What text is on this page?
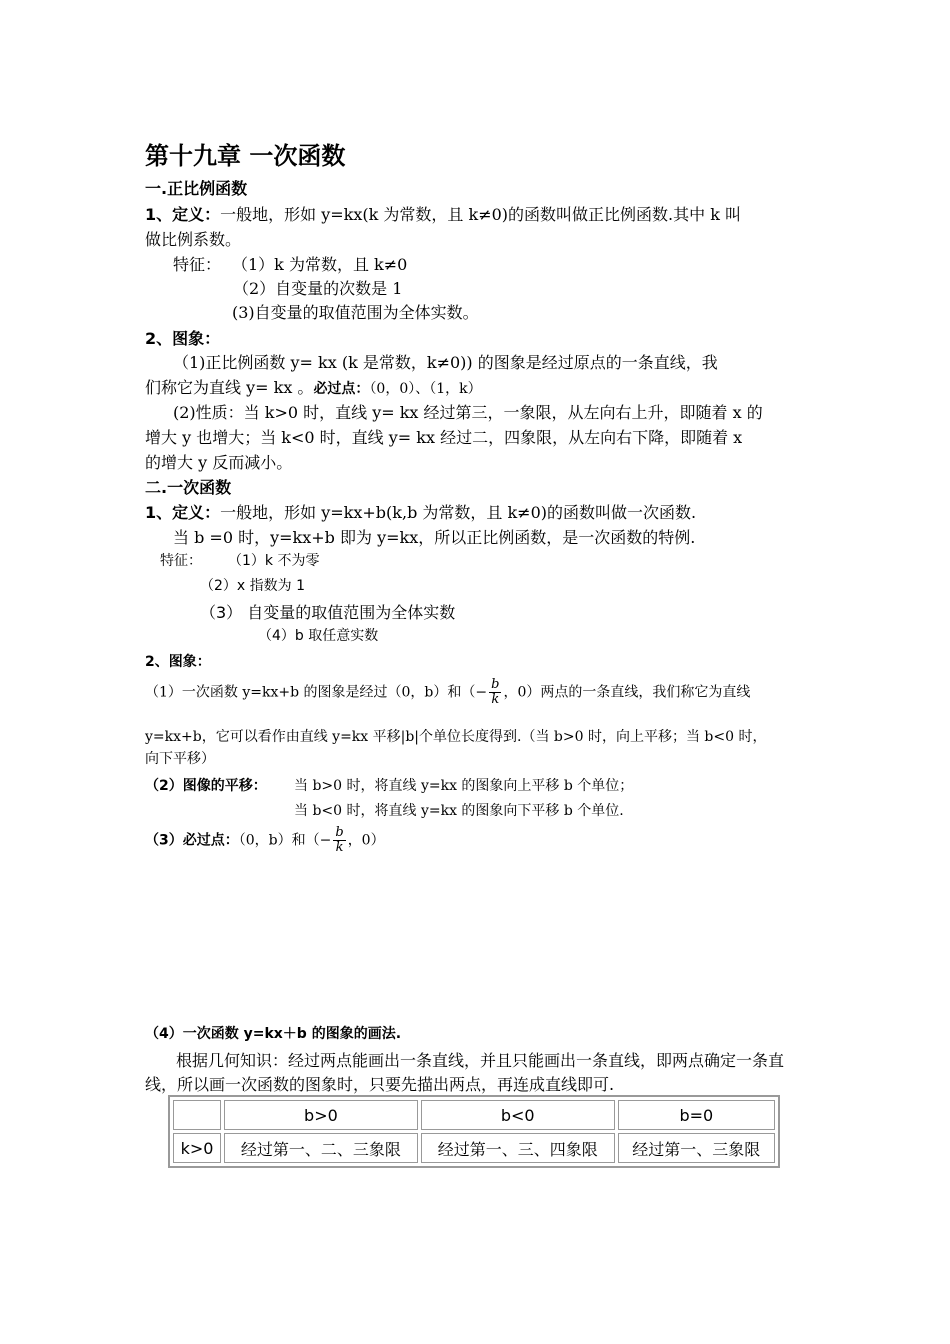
第十九章 一次函数
一.正比例函数
1、定义：一般地，形如 y=kx(k 为常数，且 k≠0)的函数叫做正比例函数.其中 k 叫
做比例系数。
特征： （1）k 为常数，且 k≠0
（2）自变量的次数是 1
(3)自变量的取值范围为全体实数。
2、图象：
（1)正比例函数 y= kx (k 是常数，k≠0)) 的图象是经过原点的一条直线，我
们称它为直线 y= kx 。必过点：（0，0）、（1，k）
(2)性质：当 k>0 时，直线 y= kx 经过第三，一象限，从左向右上升，即随着 x 的
增大 y 也增大；当 k<0 时，直线 y= kx 经过二，四象限，从左向右下降，即随着 x
的增大 y 反而减小。
二.一次函数
1、定义：一般地，形如 y=kx+b(k,b 为常数，且 k≠0)的函数叫做一次函数.
当 b =0 时，y=kx+b 即为 y=kx，所以正比例函数，是一次函数的特例.
特征： （1）k 不为零
（2）x 指数为 1
（3） 自变量的取值范围为全体实数
（4）b 取任意实数
2、图象：
（1）一次函数 y=kx+b 的图象是经过（0，b）和（− $\frac{b}{k}$ ，0）两点的一条直线，我们称它为直线
y=kx+b，它可以看作由直线 y=kx 平移|b|个单位长度得到.（当 b>0 时，向上平移；当 b<0 时，
向下平移）
（2）图像的平移： 当 b>0 时，将直线 y=kx 的图象向上平移 b 个单位；
当 b<0 时，将直线 y=kx 的图象向下平移 b 个单位.
（3）必过点：（0，b）和（− $\frac{b}{k}$ ，0）
（4）一次函数 y=kx＋b 的图象的画法.
根据几何知识：经过两点能画出一条直线，并且只能画出一条直线，即两点确定一条直
线，所以画一次函数的图象时，只要先描出两点，再连成直线即可.
	b>0	b<0	b=0
k>0	经过第一、二、三象限	经过第一、三、四象限	经过第一、三象限
